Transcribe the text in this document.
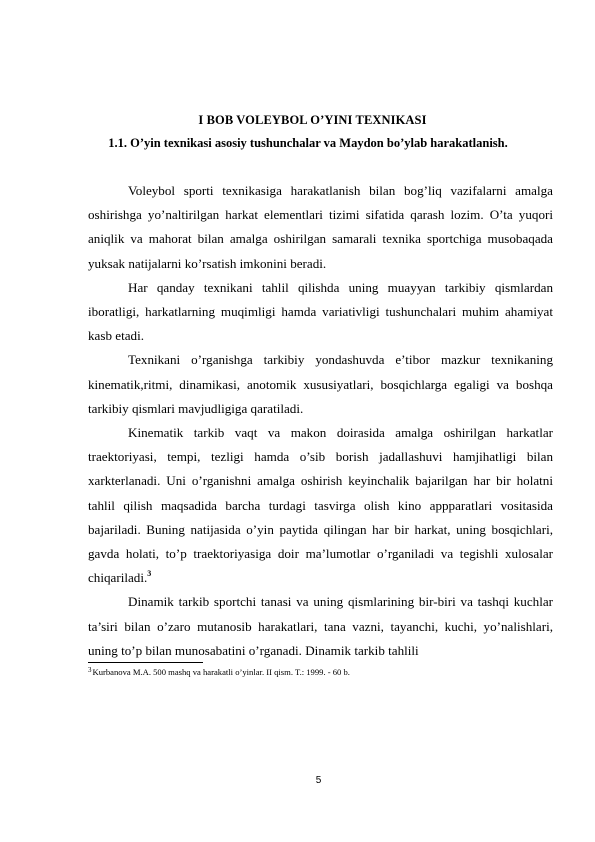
I BOB VOLEYBOL O’YINI TEXNIKASI
1.1. O’yin texnikasi asosiy tushunchalar va Maydon bo’ylab harakatlanish.

Voleybol sporti texnikasiga harakatlanish bilan bog’liq vazifalarni amalga oshirishga yo’naltirilgan harkat elementlari tizimi sifatida qarash lozim. O’ta yuqori aniqlik va mahorat bilan amalga oshirilgan samarali texnika sportchiga musobaqada yuksak natijalarni ko’rsatish imkonini beradi.

Har qanday texnikani tahlil qilishda uning muayyan tarkibiy qismlardan iboratligi, harkatlarning muqimligi hamda variativligi tushunchalari muhim ahamiyat kasb etadi.

Texnikani o’rganishga tarkibiy yondashuvda e’tibor mazkur texnikaning kinematik,ritmi, dinamikasi, anotomik xususiyatlari, bosqichlarga egaligi va boshqa tarkibiy qismlari mavjudligiga qaratiladi.

Kinematik tarkib vaqt va makon doirasida amalga oshirilgan harkatlar traektoriyasi, tempi, tezligi hamda o’sib borish jadallashuvi hamjihatligi bilan xarkterlanadi. Uni o’rganishni amalga oshirish keyinchalik bajarilgan har bir holatni tahlil qilish maqsadida barcha turdagi tasvirga olish kino appparatlari vositasida bajariladi. Buning natijasida o’yin paytida qilingan har bir harkat, uning bosqichlari, gavda holati, to’p traektoriyasiga doir ma’lumotlar o’rganiladi va tegishli xulosalar chiqariladi.$^3$

Dinamik tarkib sportchi tanasi va uning qismlarining bir-biri va tashqi kuchlar ta’siri bilan o’zaro mutanosib harakatlari, tana vazni, tayanchi, kuchi, yo’nalishlari, uning to’p bilan munosabatini o’rganadi. Dinamik tarkib tahlili

$^3$Kurbanova M.A. 500 mashq va harakatli o’yinlar. II qism. T.: 1999. - 60 b.
5
